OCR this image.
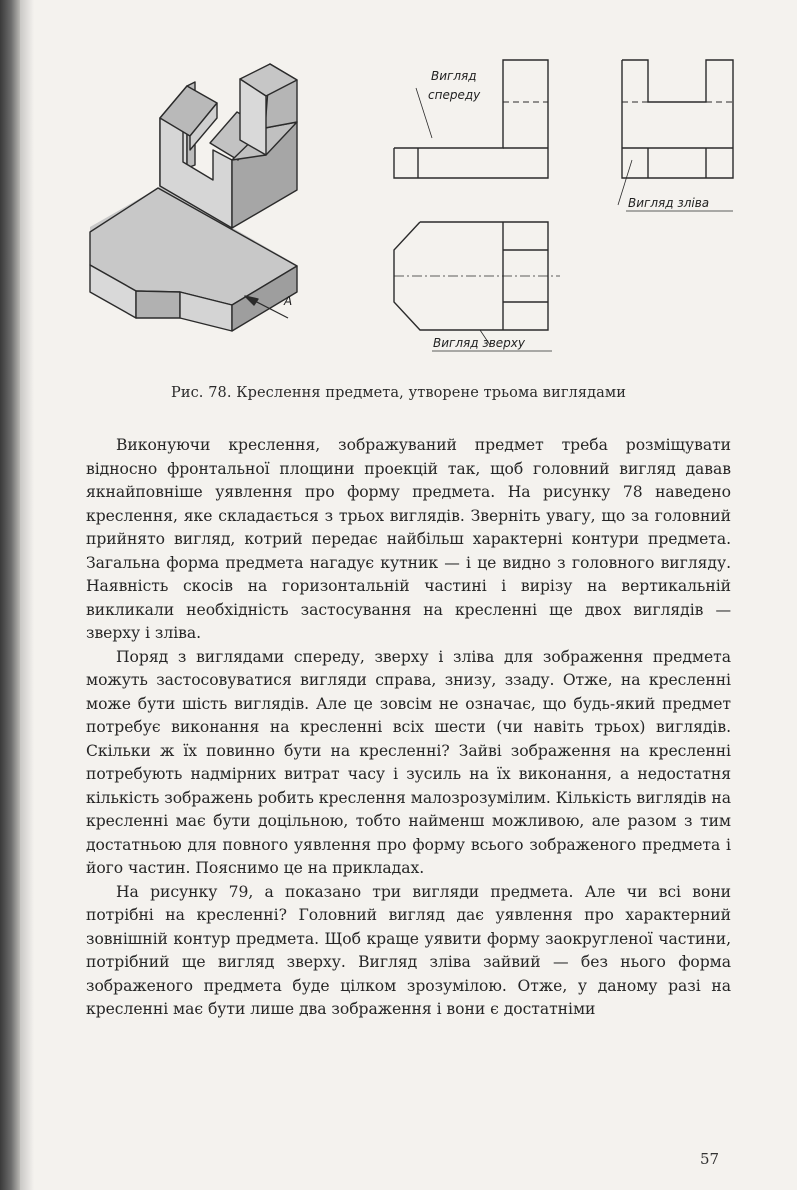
А
Вигляд
спереду
Вигляд зліва
Вигляд зверху
Рис. 78. Креслення предмета, утворене трьома виглядами

Виконуючи креслення, зображуваний предмет треба розміщувати відносно фронтальної площини проекцій так, щоб головний вигляд давав якнайповніше уявлення про форму предмета. На рисунку 78 наведено креслення, яке складається з трьох виглядів. Зверніть увагу, що за головний прийнято вигляд, котрий передає найбільш характерні контури предмета. Загальна форма предмета нагадує кутник — і це видно з головного вигляду. Наявність скосів на горизонтальній частині і вирізу на вертикальній викликали необхідність застосування на кресленні ще двох виглядів — зверху і зліва.

Поряд з виглядами спереду, зверху і зліва для зображення предмета можуть застосовуватися вигляди справа, знизу, ззаду. Отже, на кресленні може бути шість виглядів. Але це зовсім не означає, що будь-який предмет потребує виконання на кресленні всіх шести (чи навіть трьох) виглядів. Скільки ж їх повинно бути на кресленні? Зайві зображення на кресленні потребують надмірних витрат часу і зусиль на їх виконання, а недостатня кількість зображень робить креслення малозрозумілим. Кількість виглядів на кресленні має бути доцільною, тобто найменш можливою, але разом з тим достатньою для повного уявлення про форму всього зображеного предмета і його частин. Пояснимо це на прикладах.

На рисунку 79, а показано три вигляди предмета. Але чи всі вони потрібні на кресленні? Головний вигляд дає уявлення про характерний зовнішній контур предмета. Щоб краще уявити форму заокругленої частини, потрібний ще вигляд зверху. Вигляд зліва зайвий — без нього форма зображеного предмета буде цілком зрозумілою. Отже, у даному разі на кресленні має бути лише два зображення і вони є достатніми

57
